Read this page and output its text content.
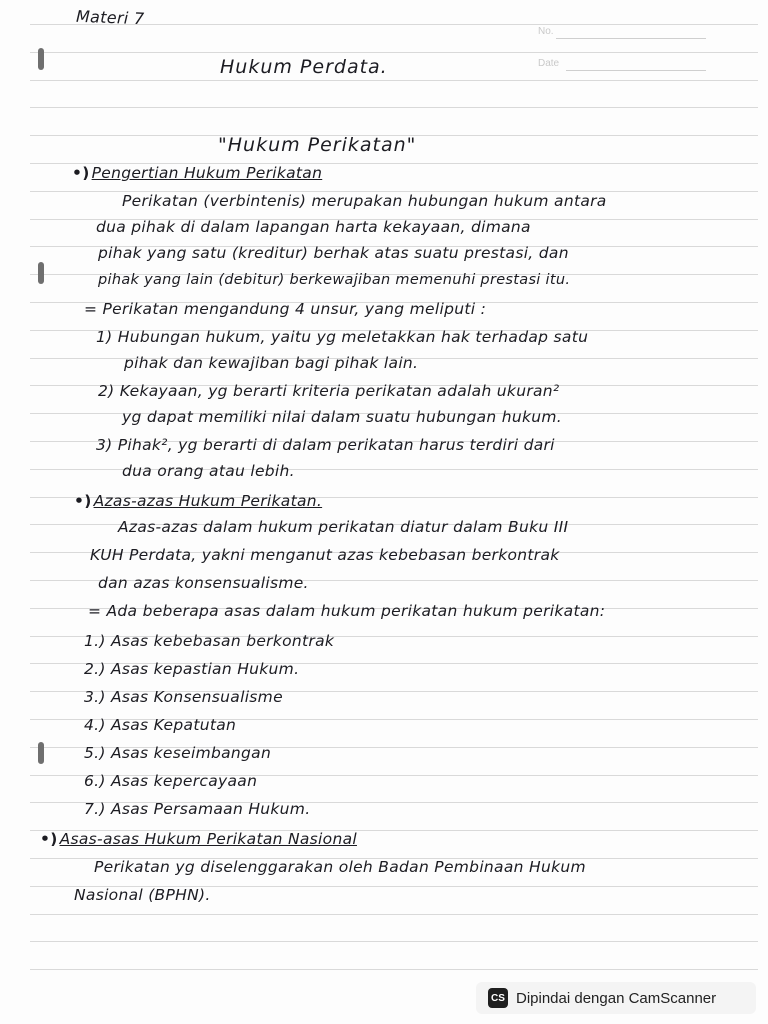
No.
Date
Materi 7
Hukum Perdata.
"Hukum Perikatan"
•) Pengertian Hukum Perikatan
Perikatan (verbintenis) merupakan hubungan hukum antara
dua pihak di dalam lapangan harta kekayaan, dimana
pihak yang satu (kreditur) berhak atas suatu prestasi, dan
pihak yang lain (debitur) berkewajiban memenuhi prestasi itu.
= Perikatan mengandung 4 unsur, yang meliputi :
1) Hubungan hukum, yaitu yg meletakkan hak terhadap satu
pihak dan kewajiban bagi pihak lain.
2) Kekayaan, yg berarti kriteria perikatan adalah ukuran²
yg dapat memiliki nilai dalam suatu hubungan hukum.
3) Pihak², yg berarti di dalam perikatan harus terdiri dari
dua orang atau lebih.
•) Azas-azas Hukum Perikatan.
Azas-azas dalam hukum perikatan diatur dalam Buku III
KUH Perdata, yakni menganut azas kebebasan berkontrak
dan azas konsensualisme.
= Ada beberapa asas dalam hukum perikatan hukum perikatan:
1.) Asas kebebasan berkontrak
2.) Asas kepastian Hukum.
3.) Asas Konsensualisme
4.) Asas Kepatutan
5.) Asas keseimbangan
6.) Asas kepercayaan
7.) Asas Persamaan Hukum.
•) Asas-asas Hukum Perikatan Nasional
Perikatan yg diselenggarakan oleh Badan Pembinaan Hukum
Nasional (BPHN).
CS Dipindai dengan CamScanner
